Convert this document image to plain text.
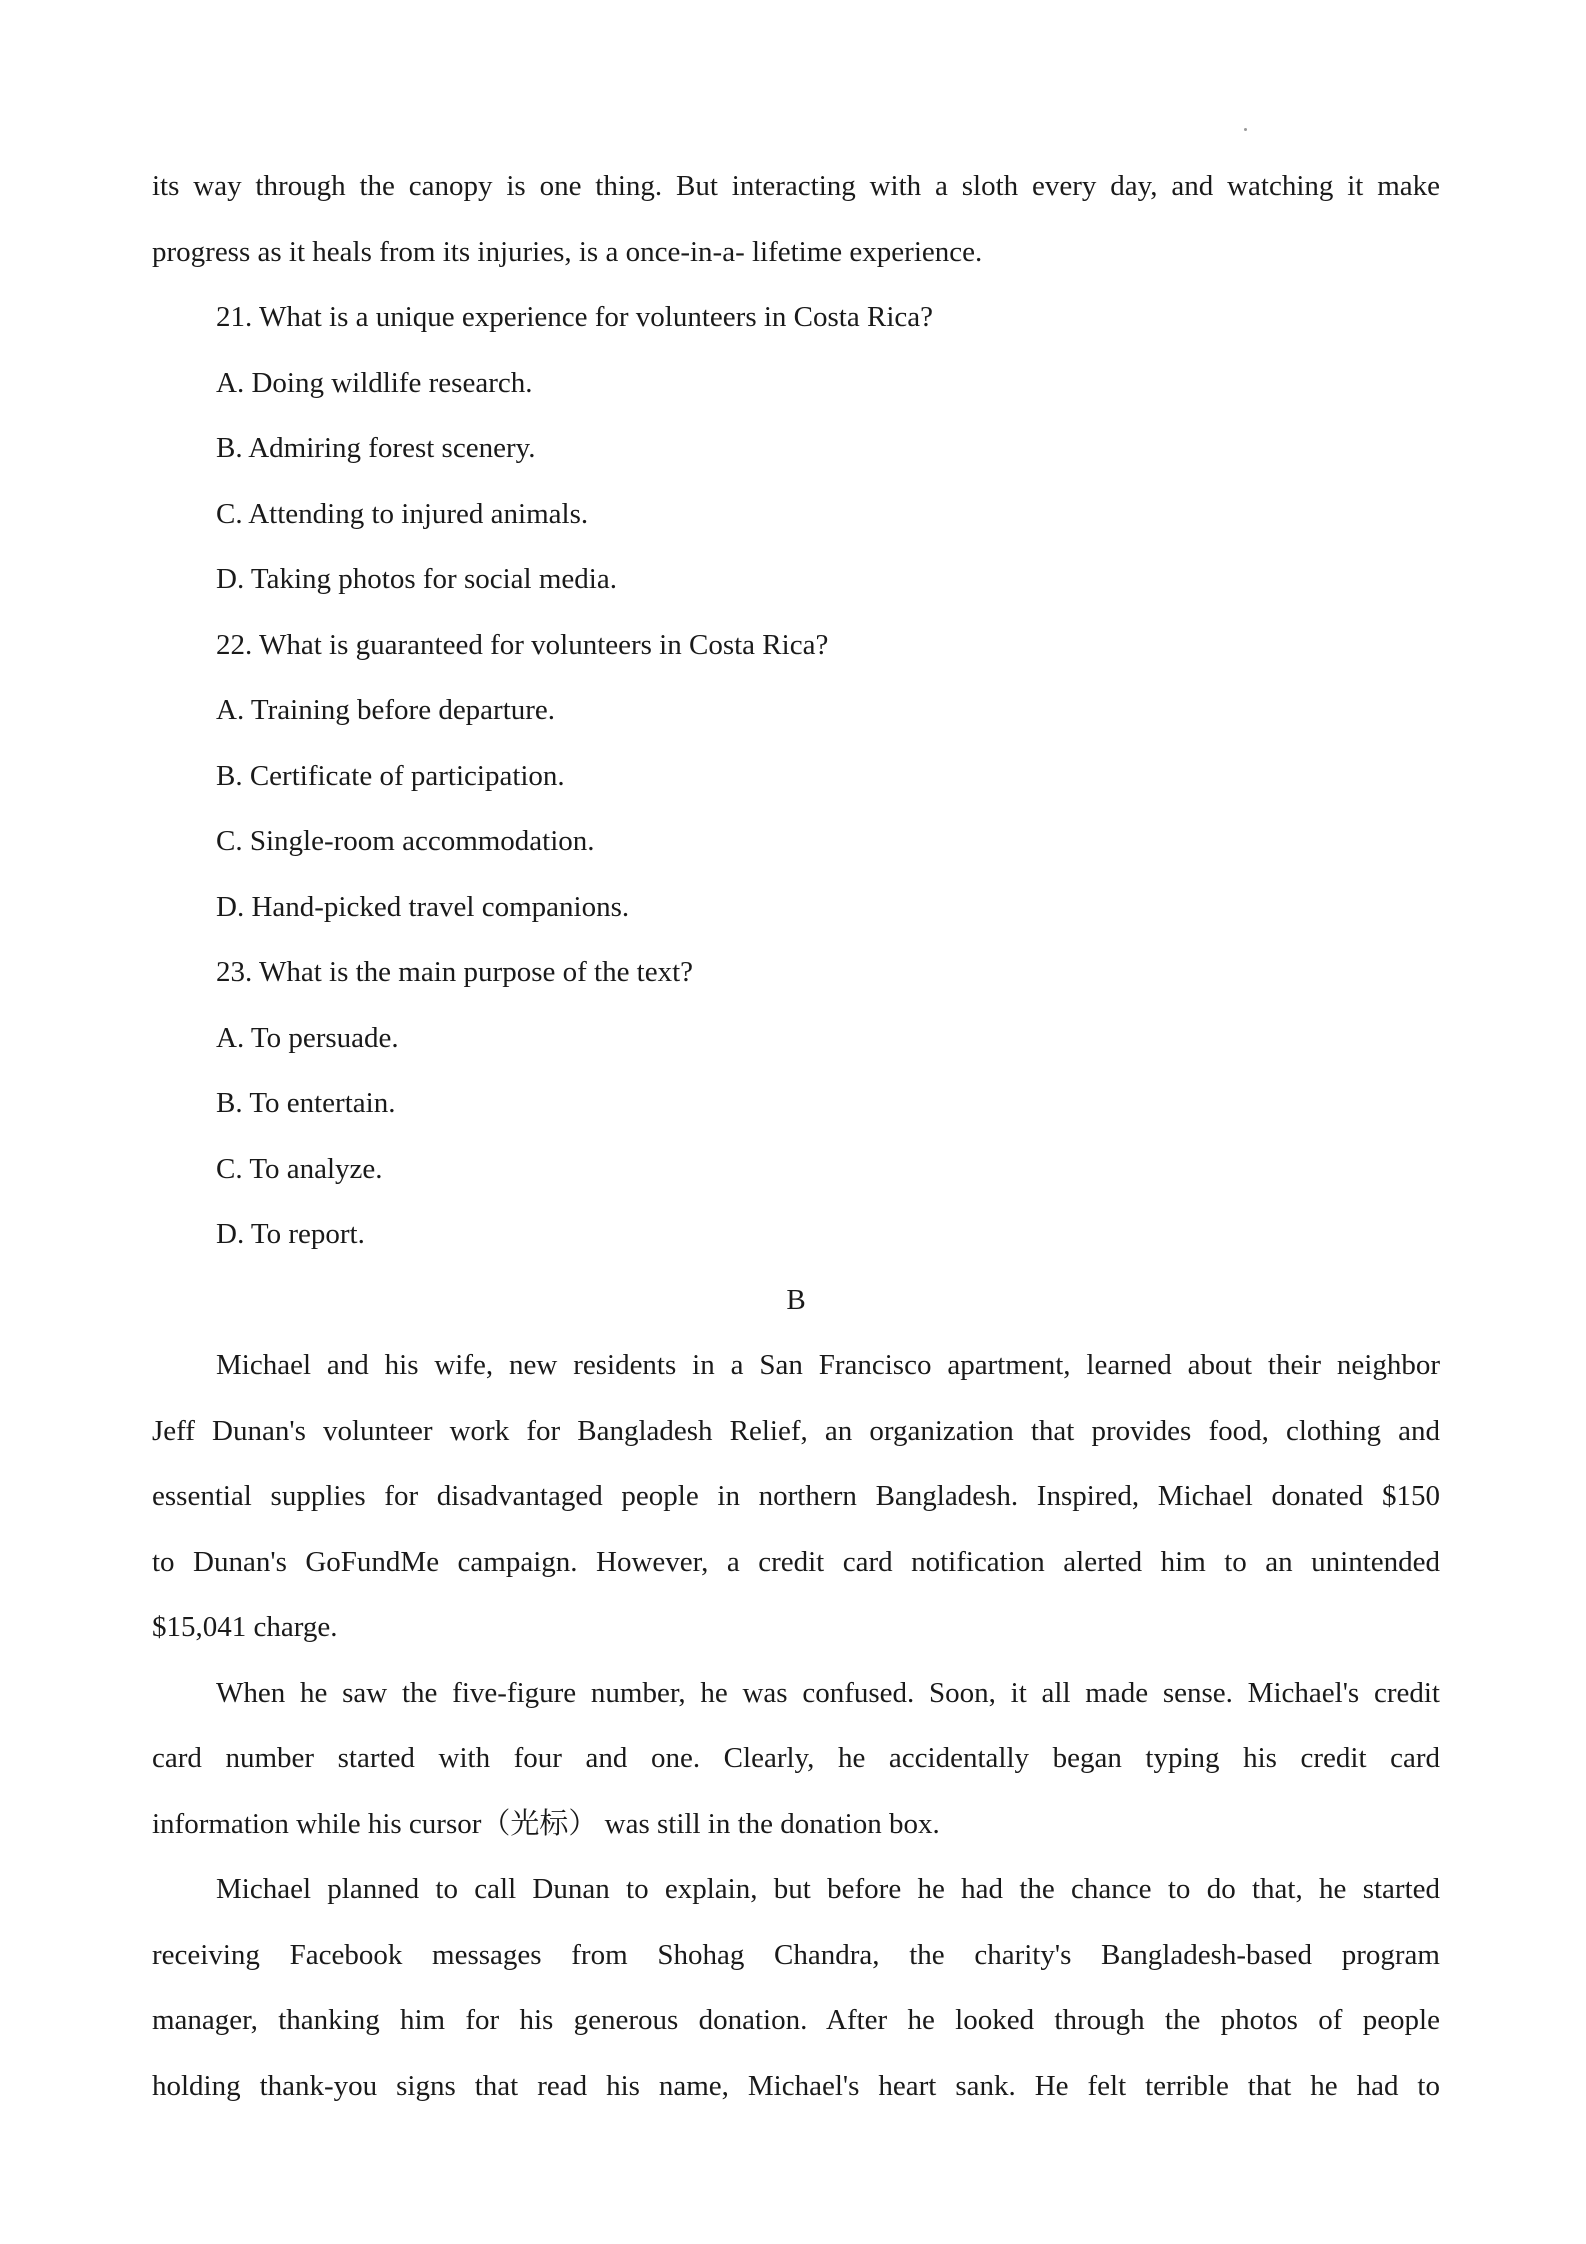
its way through the canopy is one thing. But interacting with a sloth every day, and watching it make
progress as it heals from its injuries, is a once-in-a- lifetime experience.
21. What is a unique experience for volunteers in Costa Rica?
A. Doing wildlife research.
B. Admiring forest scenery.
C. Attending to injured animals.
D. Taking photos for social media.
22. What is guaranteed for volunteers in Costa Rica?
A. Training before departure.
B. Certificate of participation.
C. Single-room accommodation.
D. Hand-picked travel companions.
23. What is the main purpose of the text?
A. To persuade.
B. To entertain.
C. To analyze.
D. To report.
B
Michael and his wife, new residents in a San Francisco apartment, learned about their neighbor
Jeff Dunan's volunteer work for Bangladesh Relief, an organization that provides food, clothing and
essential supplies for disadvantaged people in northern Bangladesh. Inspired, Michael donated $150
to Dunan's GoFundMe campaign. However, a credit card notification alerted him to an unintended
$15,041 charge.
When he saw the five-figure number, he was confused. Soon, it all made sense. Michael's credit
card number started with four and one. Clearly, he accidentally began typing his credit card
information while his cursor（光标） was still in the donation box.
Michael planned to call Dunan to explain, but before he had the chance to do that, he started
receiving Facebook messages from Shohag Chandra, the charity's Bangladesh-based program
manager, thanking him for his generous donation. After he looked through the photos of people
holding thank-you signs that read his name, Michael's heart sank. He felt terrible that he had to
